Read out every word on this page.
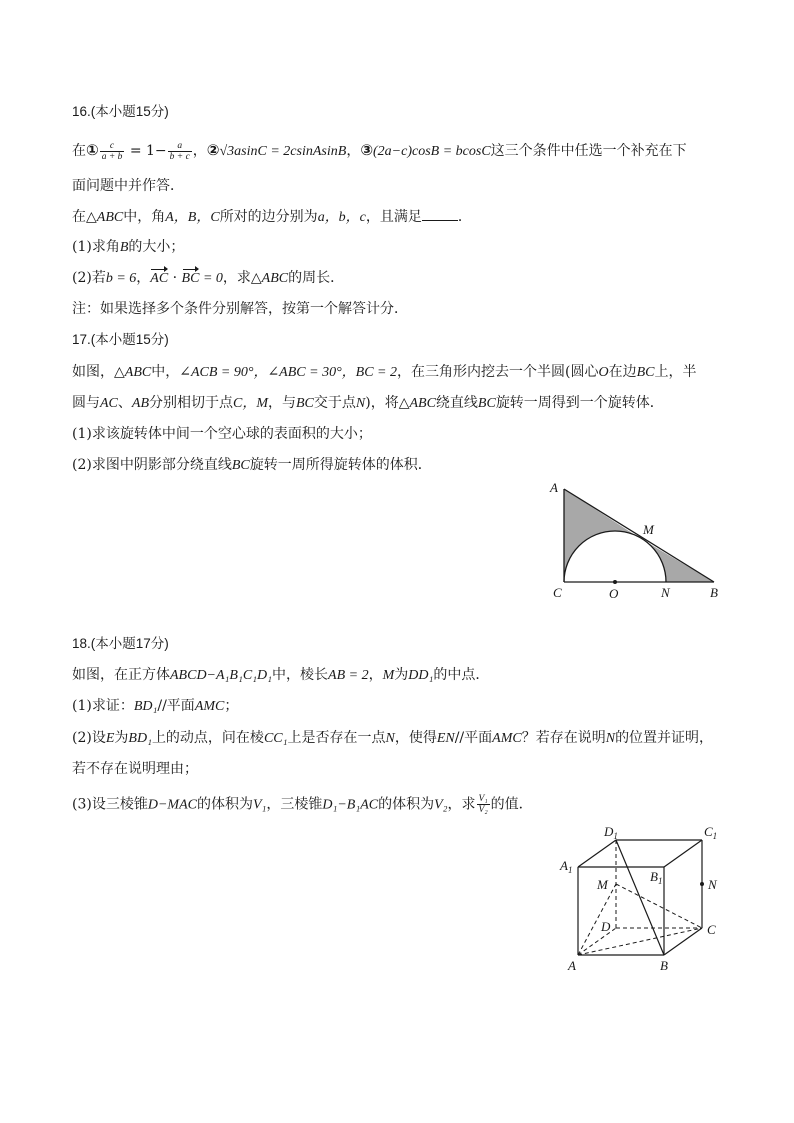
16.(本小题15分)
在① $\frac{c}{a + b} = 1- \frac{a}{b + c}$ ，②√3asinC = 2csinAsinB，③(2a−c)cosB = bcosC这三个条件中任选一个补充在下
面问题中并作答．
在△ABC中，角A，B，C所对的边分别为a，b，c，且满足	．
(1)求角B的大小；
(2)若b = 6，AC · BC = 0，求△ABC的周长．
注：如果选择多个条件分别解答，按第一个解答计分．
17.(本小题15分)
如图，△ABC中，∠ACB = 90°，∠ABC = 30°，BC = 2，在三角形内挖去一个半圆(圆心O在边BC上，半
圆与AC、AB分别相切于点C，M，与BC交于点N)，将△ABC绕直线BC旋转一周得到一个旋转体．
(1)求该旋转体中间一个空心球的表面积的大小；
(2)求图中阴影部分绕直线BC旋转一周所得旋转体的体积．
A
M
C	O	N	B
18.(本小题17分)
如图，在正方体ABCD−A₁B₁C₁D₁中，棱长AB = 2，M为DD₁的中点．
(1)求证：BD₁//平面AMC；
(2)设E为BD₁上的动点，问在棱CC₁上是否存在一点N，使得EN//平面AMC？若存在说明N的位置并证明，
若不存在说明理由；
(3)设三棱锥D−MAC的体积为V₁，三棱锥D₁−B₁AC的体积为V₂，求 $\frac{\text{V₁}}{\text{V₂}}$ 的值．
$D_1$	$C_1$
$A_1$	$B_1$
M	N
D	C
A	B
